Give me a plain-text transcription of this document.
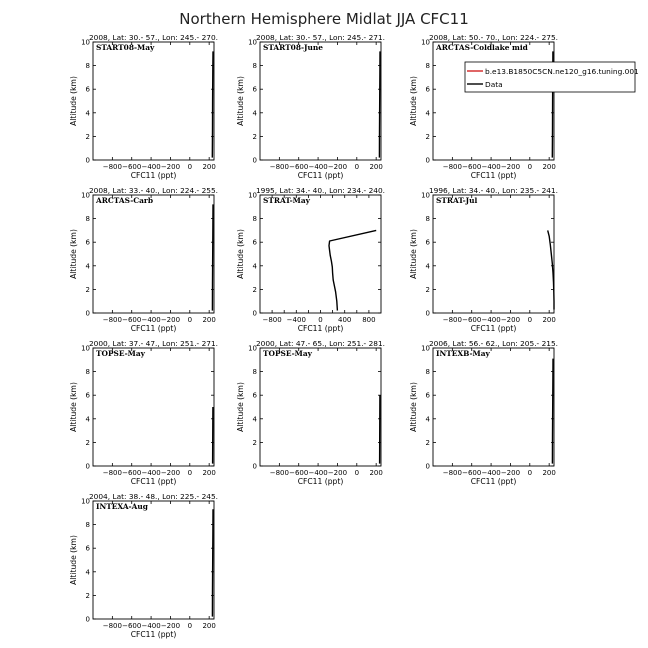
Northern Hemisphere Midlat JJA CFC11
2008, Lat: 30.- 57., Lon: 245.- 270.
START08-May
−800 −600 −400 −200 0 200
0
2
4
6
8
10
CFC11 (ppt)
Altitude (km)
2008, Lat: 30.- 57., Lon: 245.- 271.
START08-June
−800 −600 −400 −200 0 200
0
2
4
6
8
10
CFC11 (ppt)
Altitude (km)
2008, Lat: 50.- 70., Lon: 224.- 275.
ARCTAS-Coldlake mid
−800 −600 −400 −200 0 200
0
2
4
6
8
10
CFC11 (ppt)
Altitude (km)
2008, Lat: 33.- 40., Lon: 224.- 255.
ARCTAS-Carb
−800 −600 −400 −200 0 200
0
2
4
6
8
10
CFC11 (ppt)
Altitude (km)
1995, Lat: 34.- 40., Lon: 234.- 240.
STRAT-May
−800 −400 0 400 800
0
2
4
6
8
10
CFC11 (ppt)
Altitude (km)
1996, Lat: 34.- 40., Lon: 235.- 241.
STRAT-Jul
−800 −600 −400 −200 0 200
0
2
4
6
8
10
CFC11 (ppt)
Altitude (km)
2000, Lat: 37.- 47., Lon: 251.- 271.
TOPSE-May
−800 −600 −400 −200 0 200
0
2
4
6
8
10
CFC11 (ppt)
Altitude (km)
2000, Lat: 47.- 65., Lon: 251.- 281.
TOPSE-May
−800 −600 −400 −200 0 200
0
2
4
6
8
10
CFC11 (ppt)
Altitude (km)
2006, Lat: 56.- 62., Lon: 205.- 215.
INTEXB-May
−800 −600 −400 −200 0 200
0
2
4
6
8
10
CFC11 (ppt)
Altitude (km)
2004, Lat: 38.- 48., Lon: 225.- 245.
INTEXA-Aug
−800 −600 −400 −200 0 200
0
2
4
6
8
10
CFC11 (ppt)
Altitude (km)
b.e13.B1850C5CN.ne120_g16.tuning.001
Data
